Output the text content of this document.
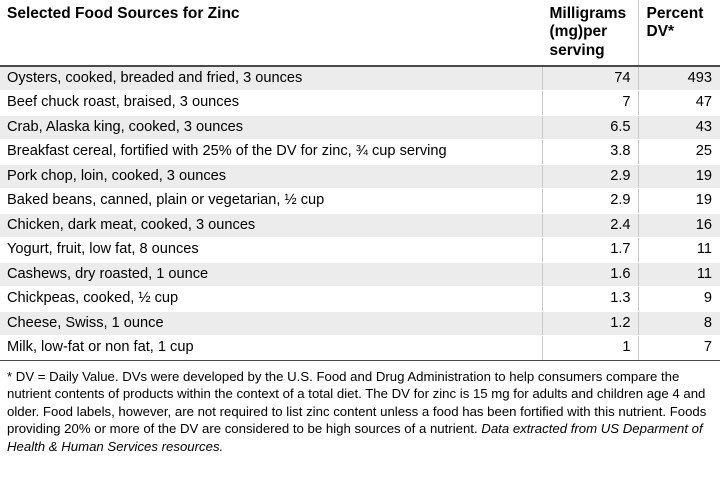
Selected Food Sources for Zinc	Milligrams (mg)per serving	Percent DV*
Oysters, cooked, breaded and fried, 3 ounces	74	493
Beef chuck roast, braised, 3 ounces	7	47
Crab, Alaska king, cooked, 3 ounces	6.5	43
Breakfast cereal, fortified with 25% of the DV for zinc, ¾ cup serving	3.8	25
Pork chop, loin, cooked, 3 ounces	2.9	19
Baked beans, canned, plain or vegetarian, ½ cup	2.9	19
Chicken, dark meat, cooked, 3 ounces	2.4	16
Yogurt, fruit, low fat, 8 ounces	1.7	11
Cashews, dry roasted, 1 ounce	1.6	11
Chickpeas, cooked, ½ cup	1.3	9
Cheese, Swiss, 1 ounce	1.2	8
Milk, low-fat or non fat, 1 cup	1	7
* DV = Daily Value. DVs were developed by the U.S. Food and Drug Administration to help consumers compare the nutrient contents of products within the context of a total diet. The DV for zinc is 15 mg for adults and children age 4 and older. Food labels, however, are not required to list zinc content unless a food has been fortified with this nutrient. Foods providing 20% or more of the DV are considered to be high sources of a nutrient. Data extracted from US Deparment of Health & Human Services resources.
